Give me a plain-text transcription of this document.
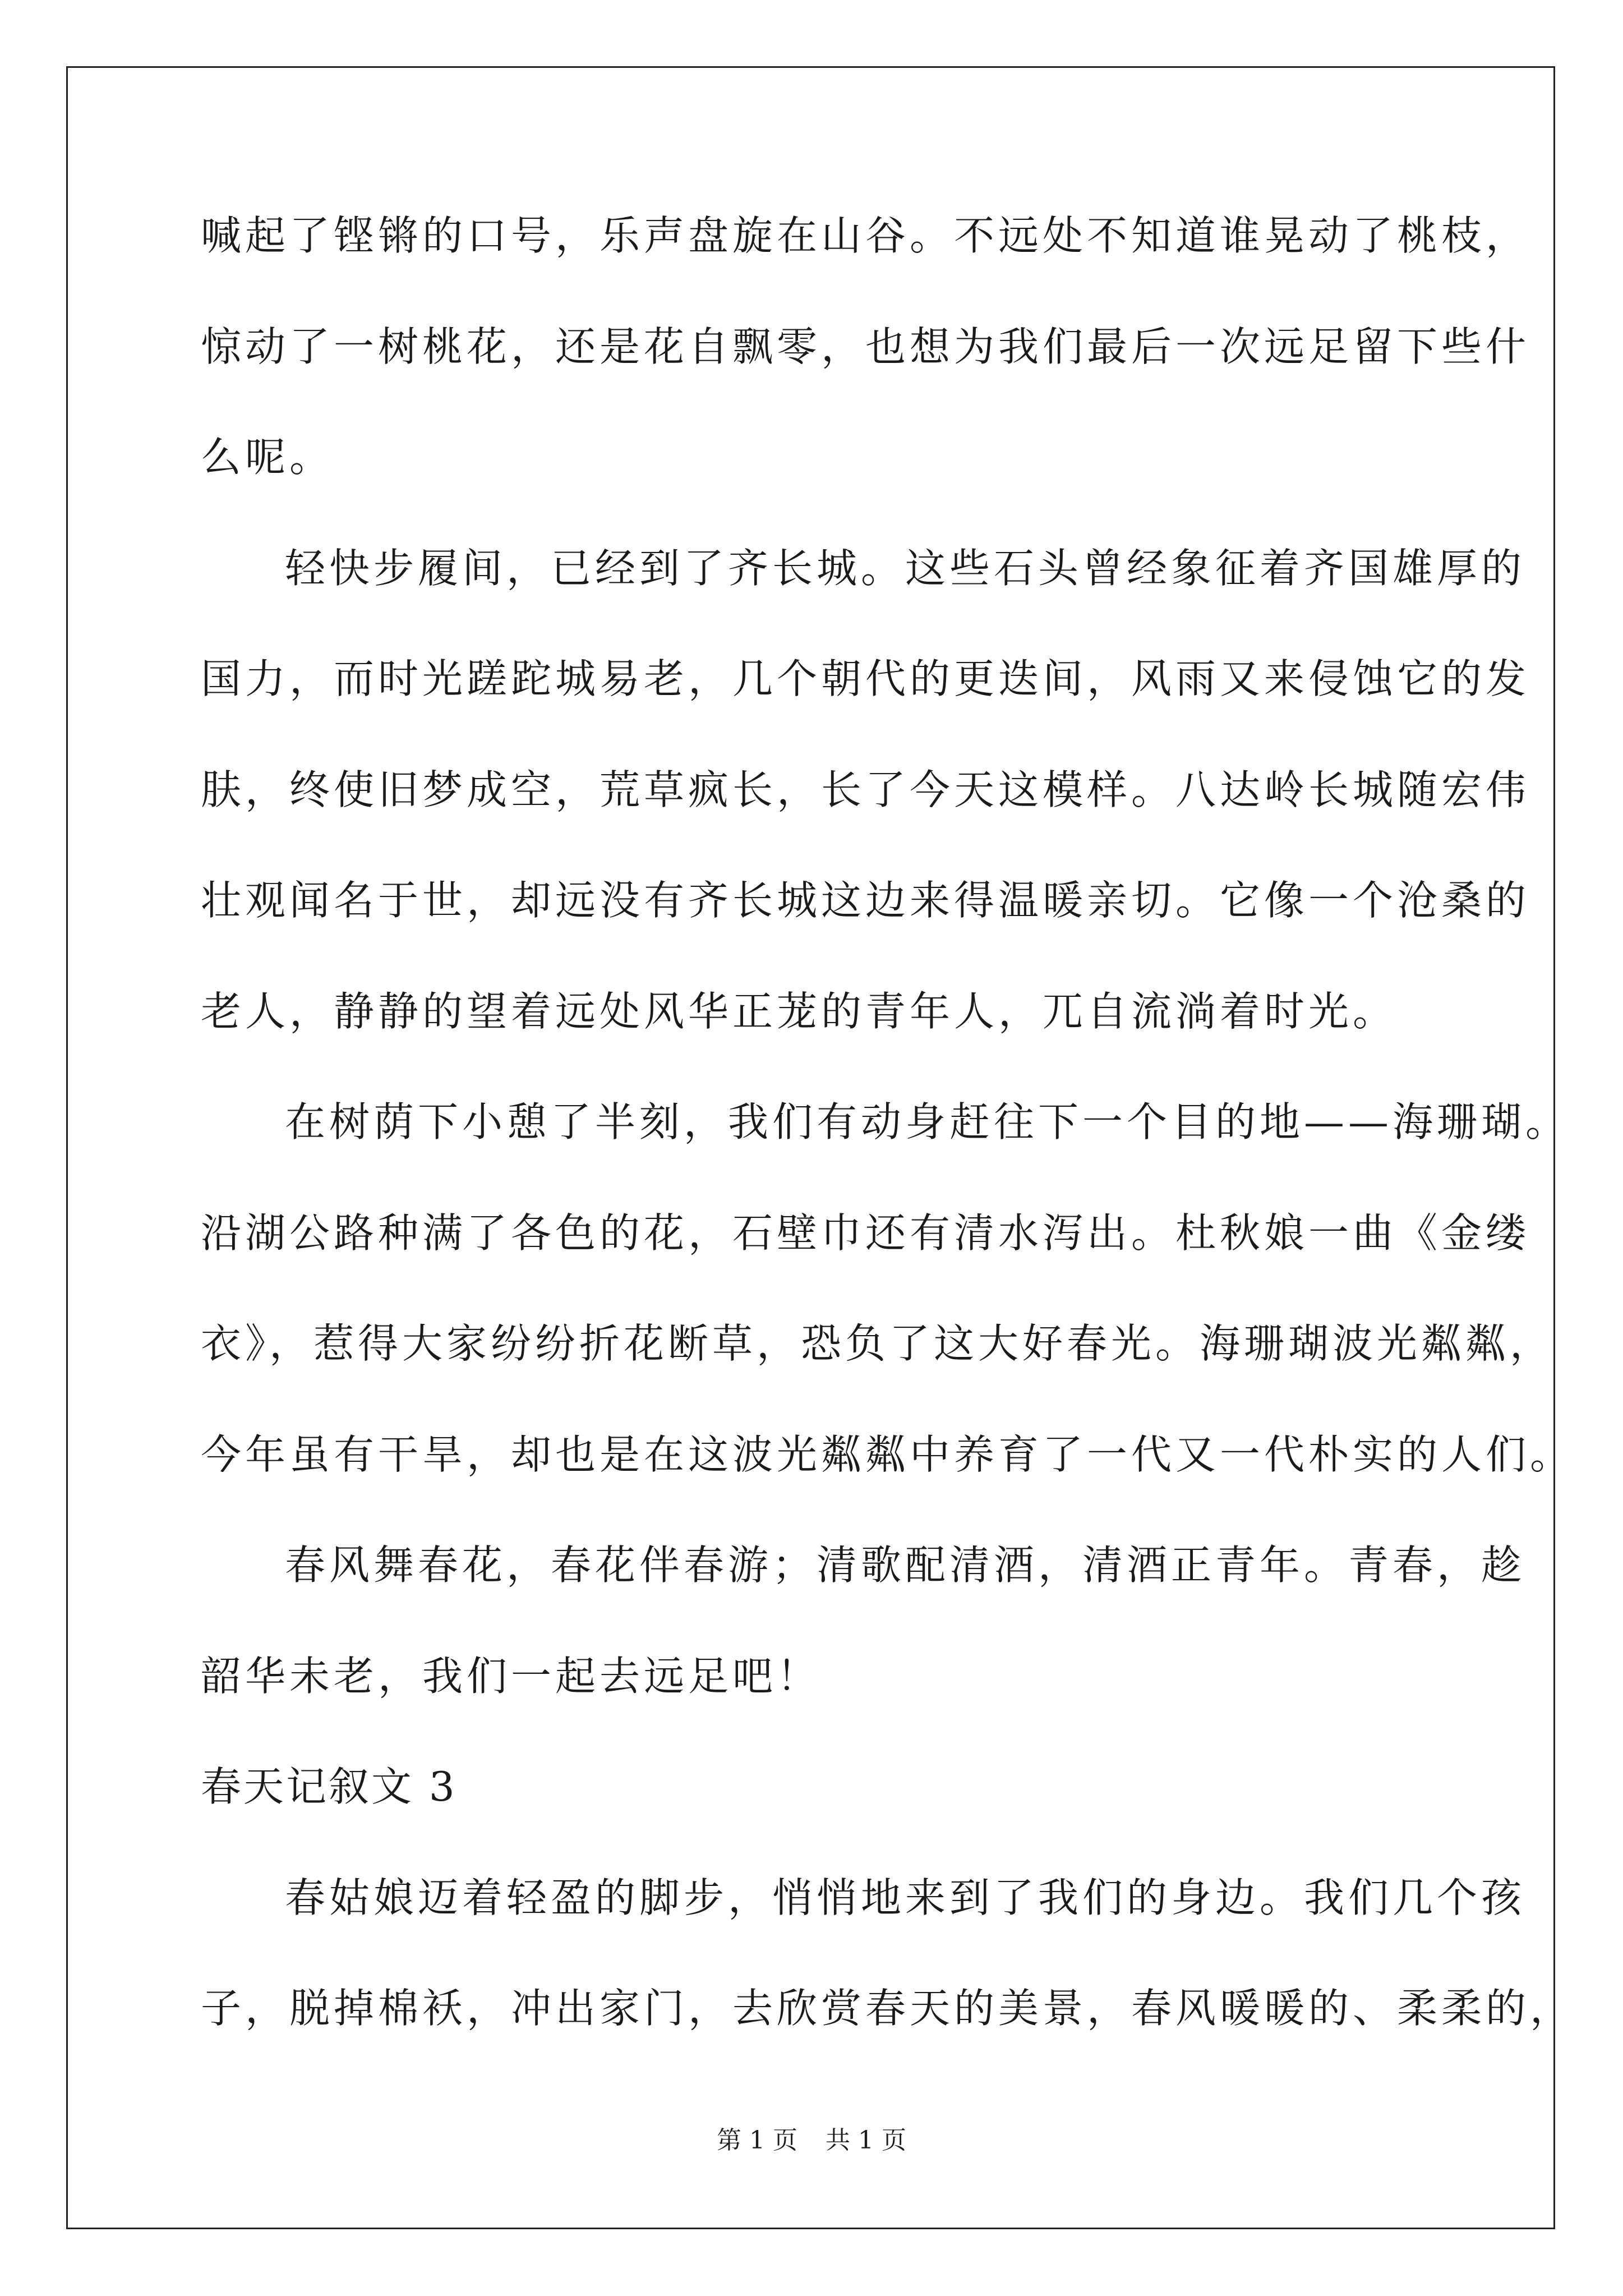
喊起了铿锵的口号，乐声盘旋在山谷。不远处不知道谁晃动了桃枝，
惊动了一树桃花，还是花自飘零，也想为我们最后一次远足留下些什
么呢。
轻快步履间，已经到了齐长城。这些石头曾经象征着齐国雄厚的
国力，而时光蹉跎城易老，几个朝代的更迭间，风雨又来侵蚀它的发
肤，终使旧梦成空，荒草疯长，长了今天这模样。八达岭长城随宏伟
壮观闻名于世，却远没有齐长城这边来得温暖亲切。它像一个沧桑的
老人，静静的望着远处风华正茏的青年人，兀自流淌着时光。
在树荫下小憩了半刻，我们有动身赶往下一个目的地——海珊瑚。
沿湖公路种满了各色的花，石壁巾还有清水泻出。杜秋娘一曲《金缕
衣》，惹得大家纷纷折花断草，恐负了这大好春光。海珊瑚波光粼粼，
今年虽有干旱，却也是在这波光粼粼中养育了一代又一代朴实的人们。
春风舞春花，春花伴春游；清歌配清酒，清酒正青年。青春，趁
韶华未老，我们一起去远足吧！
春天记叙文 3
春姑娘迈着轻盈的脚步，悄悄地来到了我们的身边。我们几个孩
子，脱掉棉袄，冲出家门，去欣赏春天的美景，春风暖暖的、柔柔的，
第 1 页 共 1 页
